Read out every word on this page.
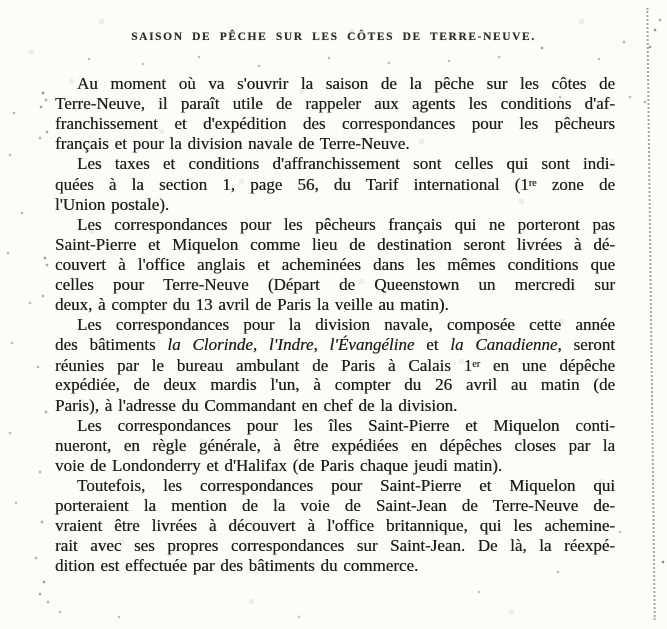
SAISON DE PÊCHE SUR LES CÔTES DE TERRE-NEUVE.
Au moment où va s'ouvrir la saison de la pêche sur les côtes de
Terre-Neuve, il paraît utile de rappeler aux agents les conditions d'af-
franchissement et d'expédition des correspondances pour les pêcheurs
français et pour la division navale de Terre-Neuve.
Les taxes et conditions d'affranchissement sont celles qui sont indi-
quées à la section 1, page 56, du Tarif international (1re zone de
l'Union postale).
Les correspondances pour les pêcheurs français qui ne porteront pas
Saint-Pierre et Miquelon comme lieu de destination seront livrées à dé-
couvert à l'office anglais et acheminées dans les mêmes conditions que
celles pour Terre-Neuve (Départ de Queenstown un mercredi sur
deux, à compter du 13 avril de Paris la veille au matin).
Les correspondances pour la division navale, composée cette année
des bâtiments la Clorinde, l'Indre, l'Évangéline et la Canadienne, seront
réunies par le bureau ambulant de Paris à Calais 1er en une dépêche
expédiée, de deux mardis l'un, à compter du 26 avril au matin (de
Paris), à l'adresse du Commandant en chef de la division.
Les correspondances pour les îles Saint-Pierre et Miquelon conti-
nueront, en règle générale, à être expédiées en dépêches closes par la
voie de Londonderry et d'Halifax (de Paris chaque jeudi matin).
Toutefois, les correspondances pour Saint-Pierre et Miquelon qui
porteraient la mention de la voie de Saint-Jean de Terre-Neuve de-
vraient être livrées à découvert à l'office britannique, qui les achemine-
rait avec ses propres correspondances sur Saint-Jean. De là, la réexpé-
dition est effectuée par des bâtiments du commerce.
